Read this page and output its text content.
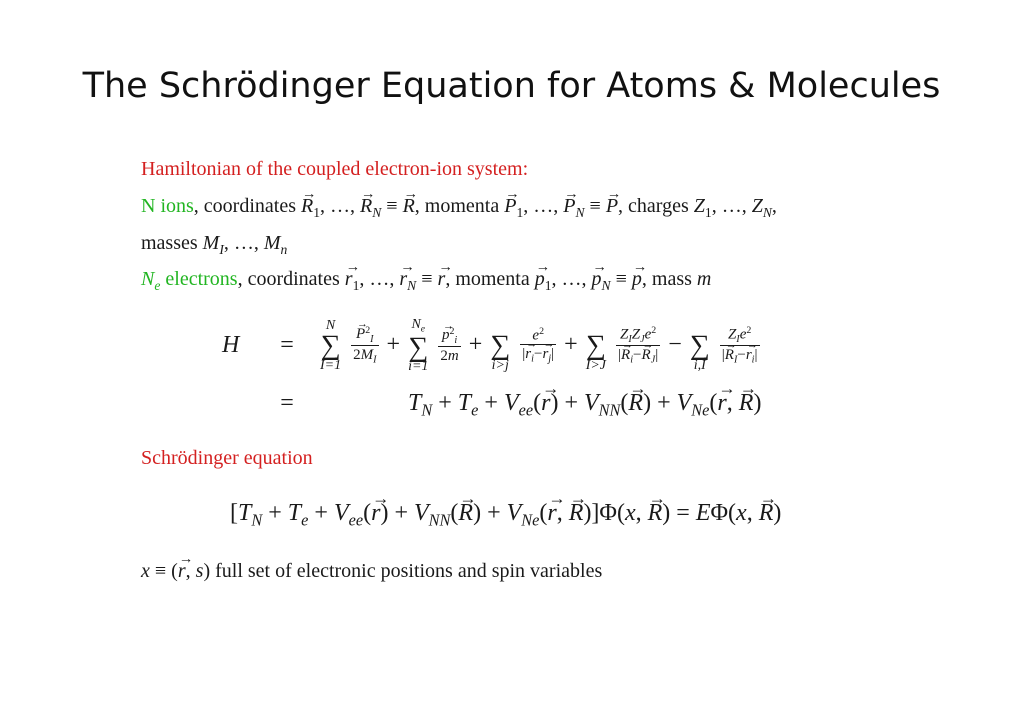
The Schrödinger Equation for Atoms & Molecules
Hamiltonian of the coupled electron-ion system:
N ions, coordinates → $R_1$, …, → $R_N$ ≡ → R, momenta → $P_1$, …, → $P_N$ ≡ → P, charges $Z_1$, …, $Z_N$,
masses $M_I$, …, $M_n$
$N_e$ electrons, coordinates → $r_1$, …, → $r_N$ ≡ → r, momenta → $p_1$, …, → $p_N$ ≡ → p, mass m
H =
N
∑
I=1
→ $\frac{P^2_I}{2M_I}$ +
$N_e$
∑
i=1

→ $\frac{p^2_i}{2m}$ +
∑
i>j
$\frac{e^2}{|\to r_i-\to r_j|}$ +
∑
I>J
$\frac{Z_IZ_Je^2}{|\to R_i-\to R_J|}$ −
∑
i,I
$\frac{Z_Ie^2}{|\to R_I-\to r_i|}$
=	$T_N + T_e + V_{ee}(\to r) + V_{NN}(\to R) + V_{Ne}(\to r$, → R)
Schrödinger equation
[$T_N + T_e + V_{ee}(\to r) + V_{NN}(\to R) + V_{Ne}(\to r$, → R)]Φ(x, → R) = EΦ(x, → R)
x ≡ (→ r, s) full set of electronic positions and spin variables
